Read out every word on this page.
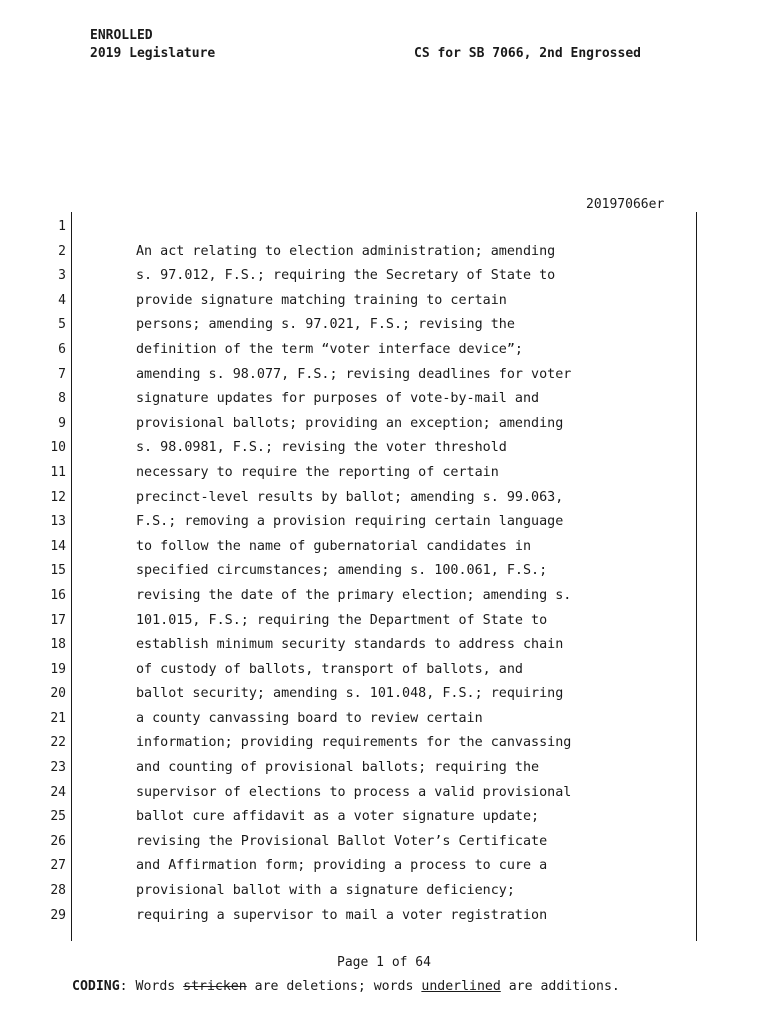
ENROLLED
2019 Legislature	CS for SB 7066, 2nd Engrossed
20197066er
1
2	An act relating to election administration; amending
3	s. 97.012, F.S.; requiring the Secretary of State to
4	provide signature matching training to certain
5	persons; amending s. 97.021, F.S.; revising the
6	definition of the term “voter interface device”;
7	amending s. 98.077, F.S.; revising deadlines for voter
8	signature updates for purposes of vote-by-mail and
9	provisional ballots; providing an exception; amending
10	s. 98.0981, F.S.; revising the voter threshold
11	necessary to require the reporting of certain
12	precinct-level results by ballot; amending s. 99.063,
13	F.S.; removing a provision requiring certain language
14	to follow the name of gubernatorial candidates in
15	specified circumstances; amending s. 100.061, F.S.;
16	revising the date of the primary election; amending s.
17	101.015, F.S.; requiring the Department of State to
18	establish minimum security standards to address chain
19	of custody of ballots, transport of ballots, and
20	ballot security; amending s. 101.048, F.S.; requiring
21	a county canvassing board to review certain
22	information; providing requirements for the canvassing
23	and counting of provisional ballots; requiring the
24	supervisor of elections to process a valid provisional
25	ballot cure affidavit as a voter signature update;
26	revising the Provisional Ballot Voter’s Certificate
27	and Affirmation form; providing a process to cure a
28	provisional ballot with a signature deficiency;
29	requiring a supervisor to mail a voter registration
Page 1 of 64
CODING: Words stricken are deletions; words underlined are additions.
